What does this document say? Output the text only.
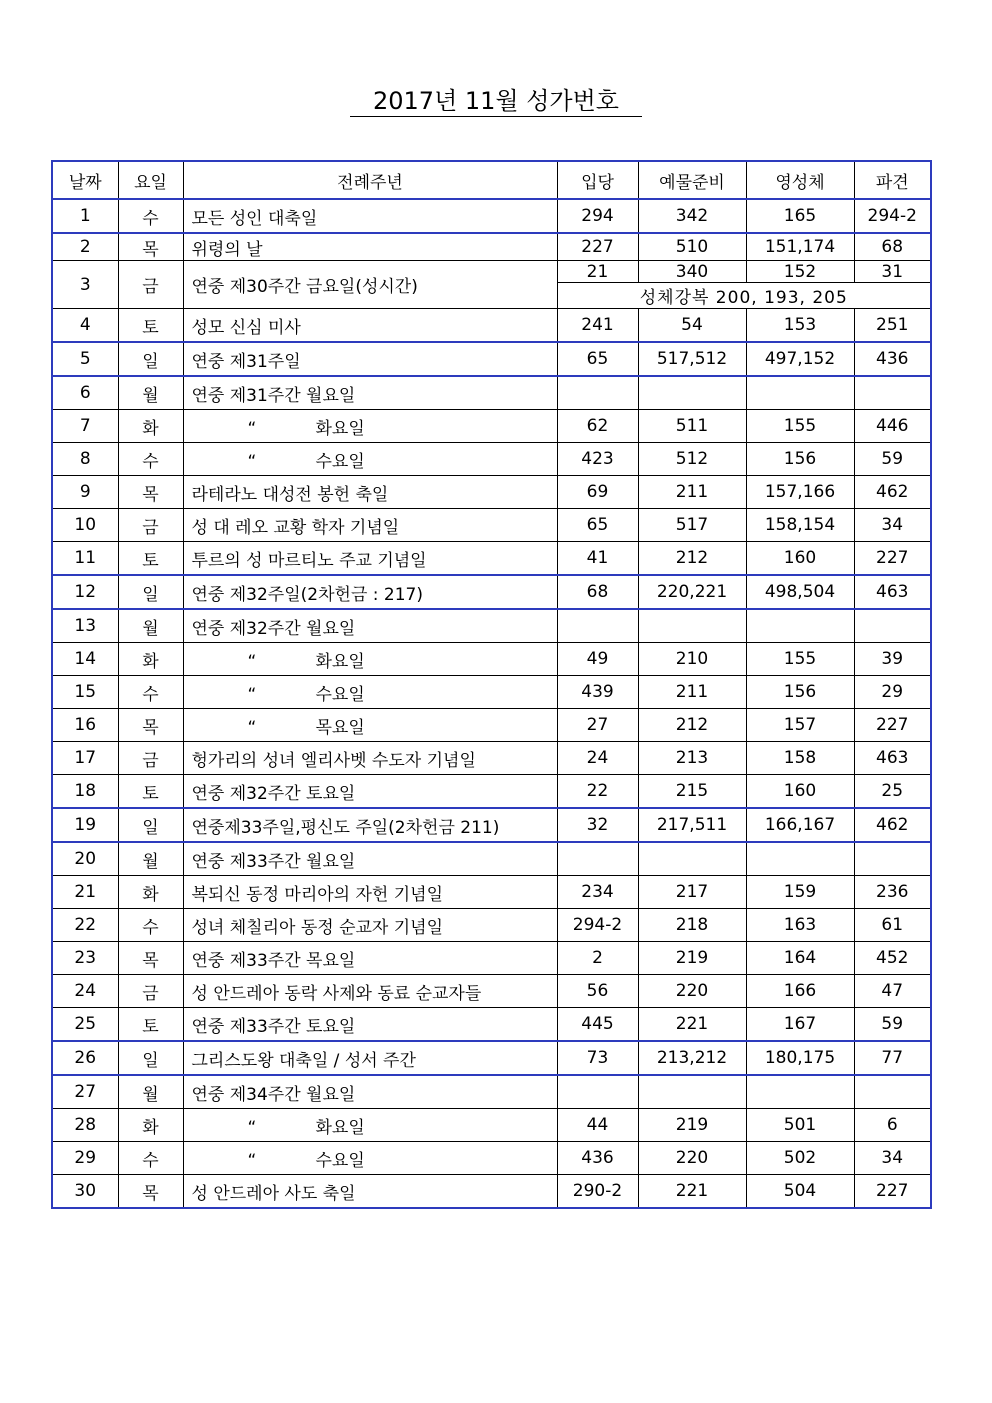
2017년 11월 성가번호
날짜	요일	전례주년	입당	예물준비	영성체	파견
1	수	모든 성인 대축일	294	342	165	294-2
2	목	위령의 날	227	510	151,174	68
3	금	연중 제30주간 금요일(성시간)	21	340	152	31
			성체강복 200, 193, 205			
4	토	성모 신심 미사	241	54	153	251
5	일	연중 제31주일	65	517,512	497,152	436
6	월	연중 제31주간 월요일				
7	화	“ 화요일	62	511	155	446
8	수	“ 수요일	423	512	156	59
9	목	라테라노 대성전 봉헌 축일	69	211	157,166	462
10	금	성 대 레오 교황 학자 기념일	65	517	158,154	34
11	토	투르의 성 마르티노 주교 기념일	41	212	160	227
12	일	연중 제32주일(2차헌금 : 217)	68	220,221	498,504	463
13	월	연중 제32주간 월요일				
14	화	“ 화요일	49	210	155	39
15	수	“ 수요일	439	211	156	29
16	목	“ 목요일	27	212	157	227
17	금	헝가리의 성녀 엘리사벳 수도자 기념일	24	213	158	463
18	토	연중 제32주간 토요일	22	215	160	25
19	일	연중제33주일,평신도 주일(2차헌금 211)	32	217,511	166,167	462
20	월	연중 제33주간 월요일				
21	화	복되신 동정 마리아의 자헌 기념일	234	217	159	236
22	수	성녀 체칠리아 동정 순교자 기념일	294-2	218	163	61
23	목	연중 제33주간 목요일	2	219	164	452
24	금	성 안드레아 동락 사제와 동료 순교자들	56	220	166	47
25	토	연중 제33주간 토요일	445	221	167	59
26	일	그리스도왕 대축일 / 성서 주간	73	213,212	180,175	77
27	월	연중 제34주간 월요일				
28	화	“ 화요일	44	219	501	6
29	수	“ 수요일	436	220	502	34
30	목	성 안드레아 사도 축일	290-2	221	504	227
